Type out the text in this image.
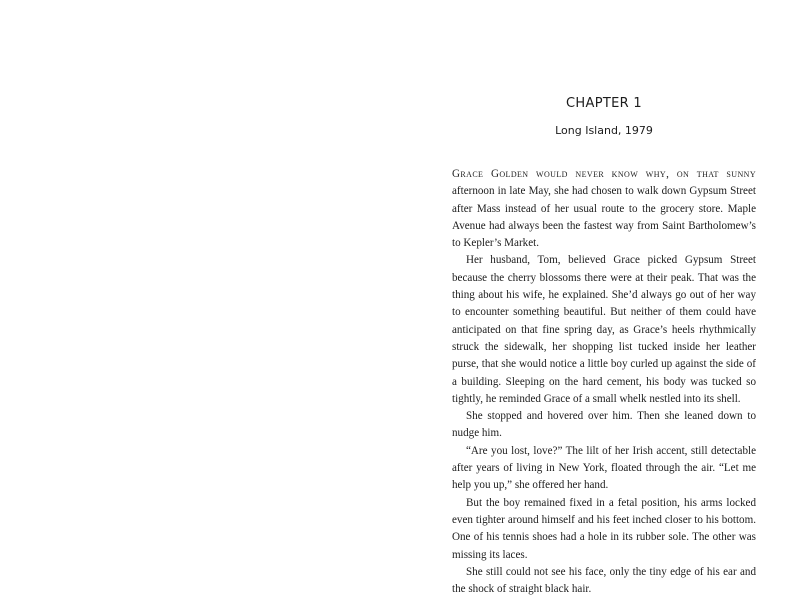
CHAPTER 1
Long Island, 1979

Grace Golden would never know why, on that sunny afternoon in late May, she had chosen to walk down Gypsum Street after Mass instead of her usual route to the grocery store. Maple Avenue had always been the fastest way from Saint Bartholomew’s to Kepler’s Market.

Her husband, Tom, believed Grace picked Gypsum Street because the cherry blossoms there were at their peak. That was the thing about his wife, he explained. She’d always go out of her way to encounter something beautiful. But neither of them could have anticipated on that fine spring day, as Grace’s heels rhythmically struck the sidewalk, her shopping list tucked inside her leather purse, that she would notice a little boy curled up against the side of a building. Sleeping on the hard cement, his body was tucked so tightly, he reminded Grace of a small whelk nestled into its shell.

She stopped and hovered over him. Then she leaned down to nudge him.

“Are you lost, love?” The lilt of her Irish accent, still detectable after years of living in New York, floated through the air. “Let me help you up,” she offered her hand.

But the boy remained fixed in a fetal position, his arms locked even tighter around himself and his feet inched closer to his bottom. One of his tennis shoes had a hole in its rubber sole. The other was missing its laces.

She still could not see his face, only the tiny edge of his ear and the shock of straight black hair.
